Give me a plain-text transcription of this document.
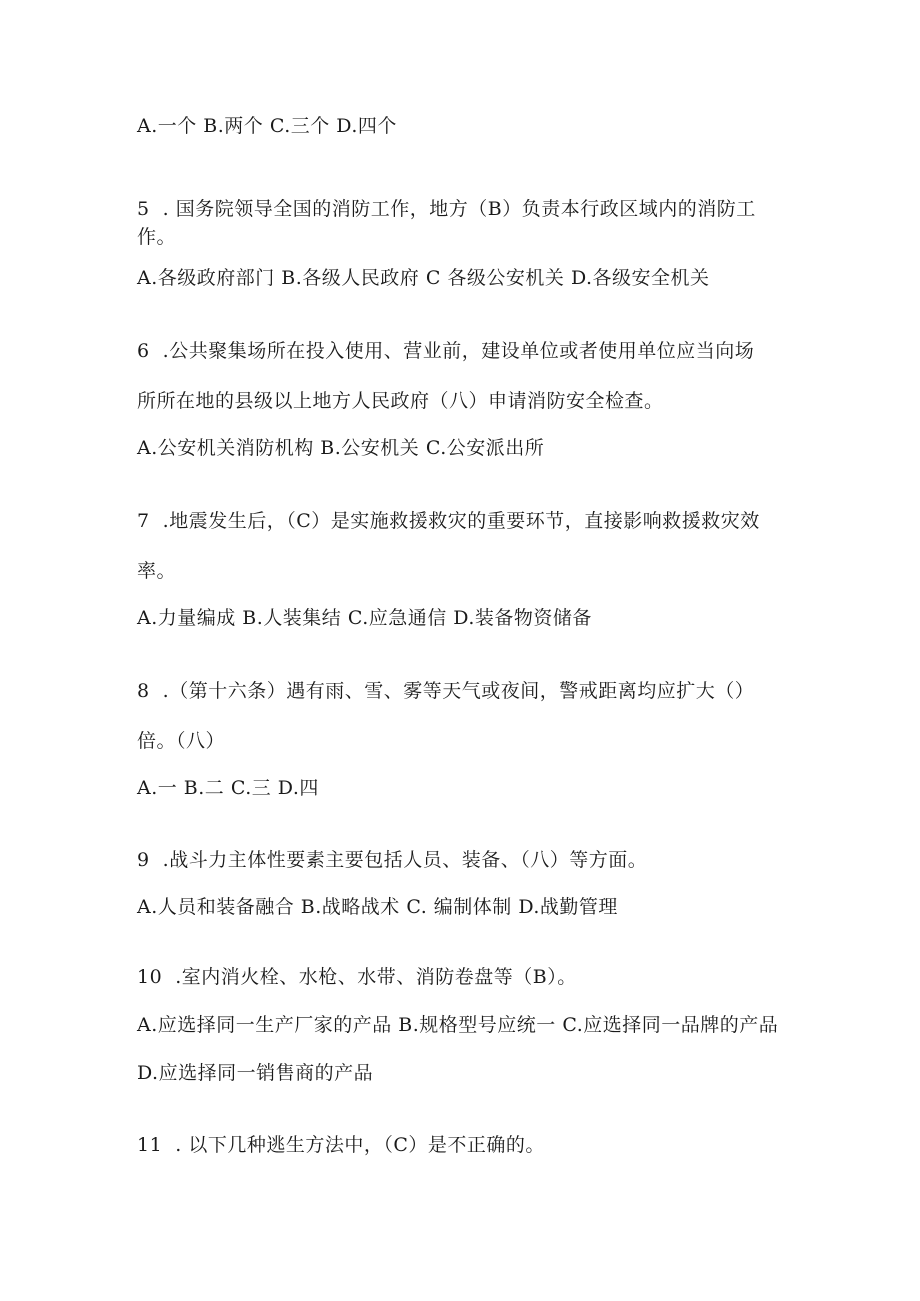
A.一个 B.两个 C.三个 D.四个
5  . 国务院领导全国的消防工作，地方（B）负责本行政区域内的消防工
作。
A.各级政府部门 B.各级人民政府 C 各级公安机关 D.各级安全机关
6  .公共聚集场所在投入使用、营业前，建设单位或者使用单位应当向场
所所在地的县级以上地方人民政府（八）申请消防安全检查。
A.公安机关消防机构 B.公安机关 C.公安派出所
7  .地震发生后，（C）是实施救援救灾的重要环节，直接影响救援救灾效
率。
A.力量编成 B.人装集结 C.应急通信 D.装备物资储备
8  .（第十六条）遇有雨、雪、雾等天气或夜间，警戒距离均应扩大（）
倍。（八）
A.一 B.二 C.三 D.四
9  .战斗力主体性要素主要包括人员、装备、（八）等方面。
A.人员和装备融合 B.战略战术 C. 编制体制 D.战勤管理
10  .室内消火栓、水枪、水带、消防卷盘等（B）。
A.应选择同一生产厂家的产品 B.规格型号应统一 C.应选择同一品牌的产品
D.应选择同一销售商的产品
11  . 以下几种逃生方法中，（C）是不正确的。
